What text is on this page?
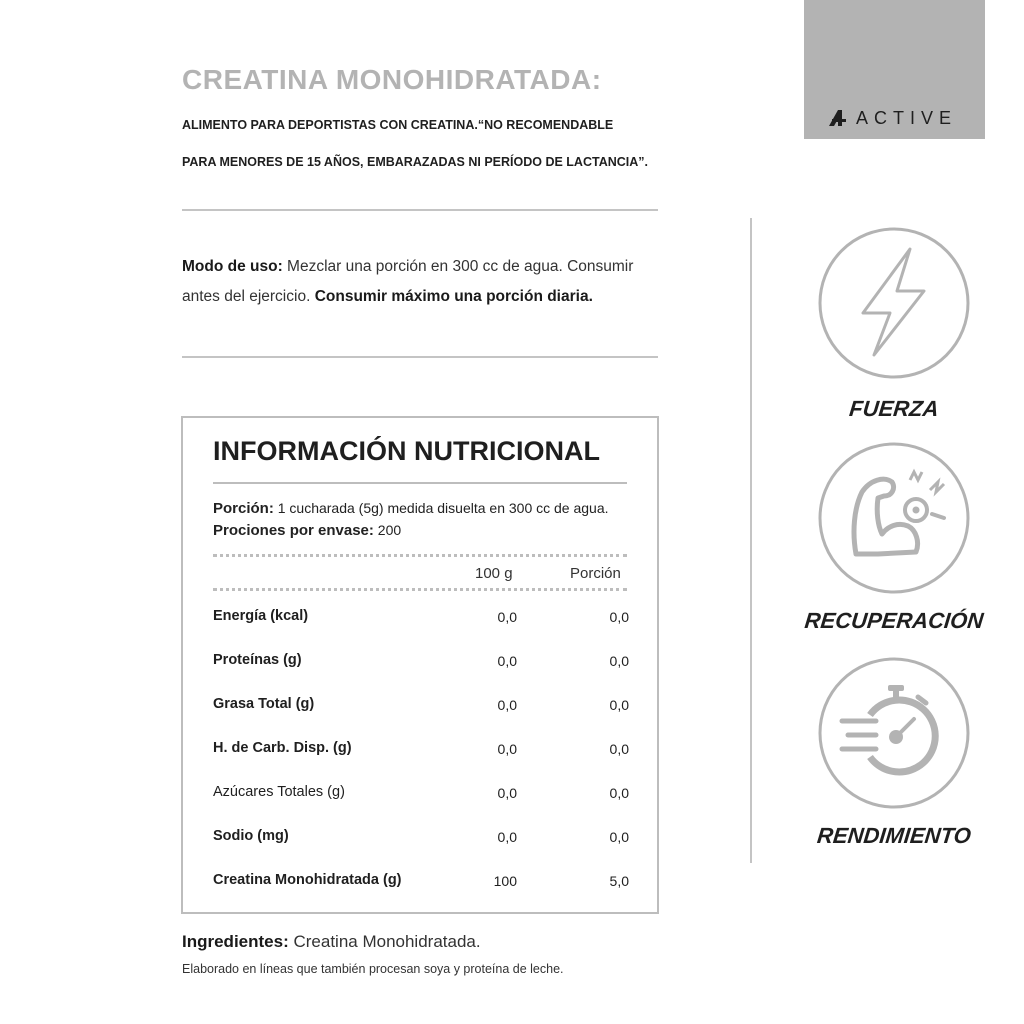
CREATINA MONOHIDRATADA:
ALIMENTO PARA DEPORTISTAS CON CREATINA.“NO RECOMENDABLE
PARA MENORES DE 15 AÑOS, EMBARAZADAS NI PERÍODO DE LACTANCIA”.
Modo de uso: Mezclar una porción en 300 cc de agua. Consumir
antes del ejercicio. Consumir máximo una porción diaria.
ACTIVE
FUERZA
RECUPERACIÓN
RENDIMIENTO
INFORMACIÓN NUTRICIONAL
Porción: 1 cucharada (5g) medida disuelta en 300 cc de agua.
Prociones por envase: 200
100 g	Porción
Energía (kcal)	0,0	0,0
Proteínas (g)	0,0	0,0
Grasa Total (g)	0,0	0,0
H. de Carb. Disp. (g)	0,0	0,0
Azúcares Totales (g)	0,0	0,0
Sodio (mg)	0,0	0,0
Creatina Monohidratada (g)	100	5,0
Ingredientes: Creatina Monohidratada.
Elaborado en líneas que también procesan soya y proteína de leche.
